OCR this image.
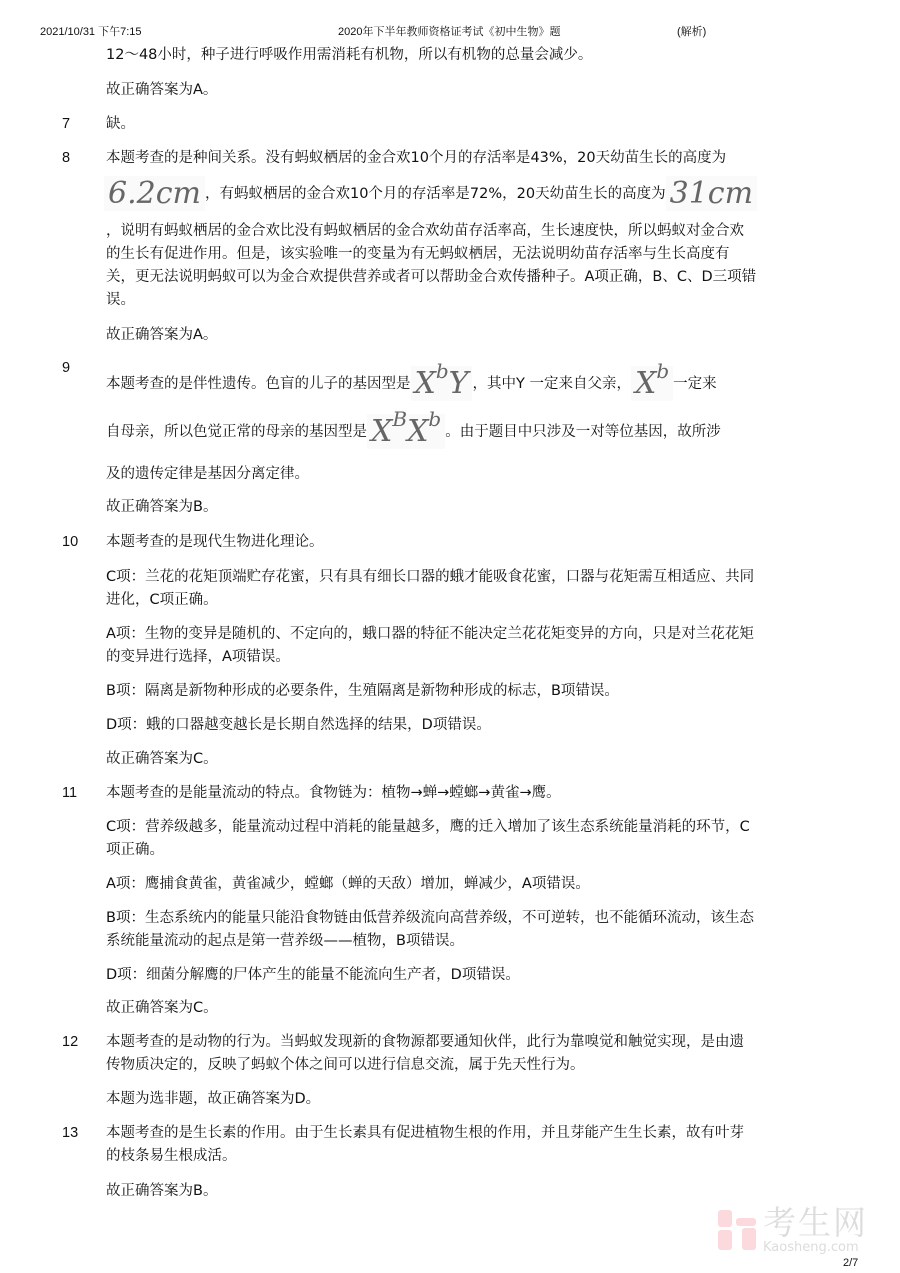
2021/10/31 下午7:15	2020年下半年教师资格证考试《初中生物》题	(解析)
12～48小时，种子进行呼吸作用需消耗有机物，所以有机物的总量会减少。
故正确答案为A。
7 缺。
8 本题考查的是种间关系。没有蚂蚁栖居的金合欢10个月的存活率是43%，20天幼苗生长的高度为
6.2cm ，有蚂蚁栖居的金合欢10个月的存活率是72%，20天幼苗生长的高度为 31cm
，说明有蚂蚁栖居的金合欢比没有蚂蚁栖居的金合欢幼苗存活率高，生长速度快，所以蚂蚁对金合欢
的生长有促进作用。但是，该实验唯一的变量为有无蚂蚁栖居，无法说明幼苗存活率与生长高度有
关，更无法说明蚂蚁可以为金合欢提供营养或者可以帮助金合欢传播种子。A项正确，B、C、D三项错
误。
故正确答案为A。
9
本题考查的是伴性遗传。色盲的儿子的基因型是 $X^bY$ ，其中Y 一定来自父亲， $X^b$一定来
自母亲，所以色觉正常的母亲的基因型是 $X^BX^b$。由于题目中只涉及一对等位基因，故所涉
及的遗传定律是基因分离定律。
故正确答案为B。
10 本题考查的是现代生物进化理论。
C项：兰花的花矩顶端贮存花蜜，只有具有细长口器的蛾才能吸食花蜜，口器与花矩需互相适应、共同
进化，C项正确。
A项：生物的变异是随机的、不定向的，蛾口器的特征不能决定兰花花矩变异的方向，只是对兰花花矩
的变异进行选择，A项错误。
B项：隔离是新物种形成的必要条件，生殖隔离是新物种形成的标志，B项错误。
D项：蛾的口器越变越长是长期自然选择的结果，D项错误。
故正确答案为C。
11 本题考查的是能量流动的特点。食物链为：植物→蝉→螳螂→黄雀→鹰。
C项：营养级越多，能量流动过程中消耗的能量越多，鹰的迁入增加了该生态系统能量消耗的环节，C
项正确。
A项：鹰捕食黄雀，黄雀减少，螳螂（蝉的天敌）增加，蝉减少，A项错误。
B项：生态系统内的能量只能沿食物链由低营养级流向高营养级，不可逆转，也不能循环流动，该生态
系统能量流动的起点是第一营养级——植物，B项错误。
D项：细菌分解鹰的尸体产生的能量不能流向生产者，D项错误。
故正确答案为C。
12 本题考查的是动物的行为。当蚂蚁发现新的食物源都要通知伙伴，此行为靠嗅觉和触觉实现，是由遗
传物质决定的，反映了蚂蚁个体之间可以进行信息交流，属于先天性行为。
本题为选非题，故正确答案为D。
13 本题考查的是生长素的作用。由于生长素具有促进植物生根的作用，并且芽能产生生长素，故有叶芽
的枝条易生根成活。
故正确答案为B。
考生网
Kaosheng.com
2/7
